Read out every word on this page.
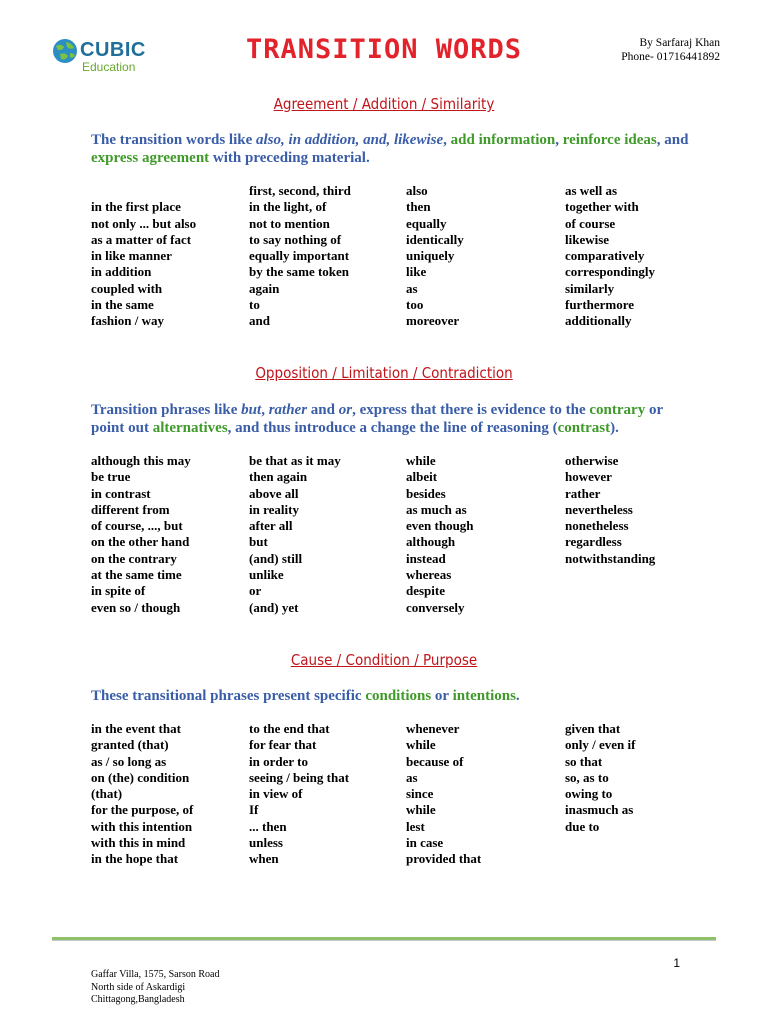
CUBIC
Education
TRANSITION WORDS	By Sarfaraj Khan
Phone- 01716441892
Agreement / Addition / Similarity
The transition words like also, in addition, and, likewise, add information, reinforce ideas, and express agreement with preceding material.
in the first place
not only ... but also
as a matter of fact
in like manner
in addition
coupled with
in the same
fashion / way
first, second, third
in the light, of
not to mention
to say nothing of
equally important
by the same token
again
to
and
also
then
equally
identically
uniquely
like
as
too
moreover
as well as
together with
of course
likewise
comparatively
correspondingly
similarly
furthermore
additionally
Opposition / Limitation / Contradiction
Transition phrases like but, rather and or, express that there is evidence to the contrary or point out alternatives, and thus introduce a change the line of reasoning (contrast).
although this may
be true
in contrast
different from
of course, ..., but
on the other hand
on the contrary
at the same time
in spite of
even so / though
be that as it may
then again
above all
in reality
after all
but
(and) still
unlike
or
(and) yet
while
albeit
besides
as much as
even though
although
instead
whereas
despite
conversely
otherwise
however
rather
nevertheless
nonetheless
regardless
notwithstanding
Cause / Condition / Purpose
These transitional phrases present specific conditions or intentions.
in the event that
granted (that)
as / so long as
on (the) condition
(that)
for the purpose, of
with this intention
with this in mind
in the hope that
to the end that
for fear that
in order to
seeing / being that
in view of
If
... then
unless
when
whenever
while
because of
as
since
while
lest
in case
provided that
given that
only / even if
so that
so, as to
owing to
inasmuch as
due to
1
Gaffar Villa, 1575, Sarson Road
North side of Askardigi
Chittagong,Bangladesh
